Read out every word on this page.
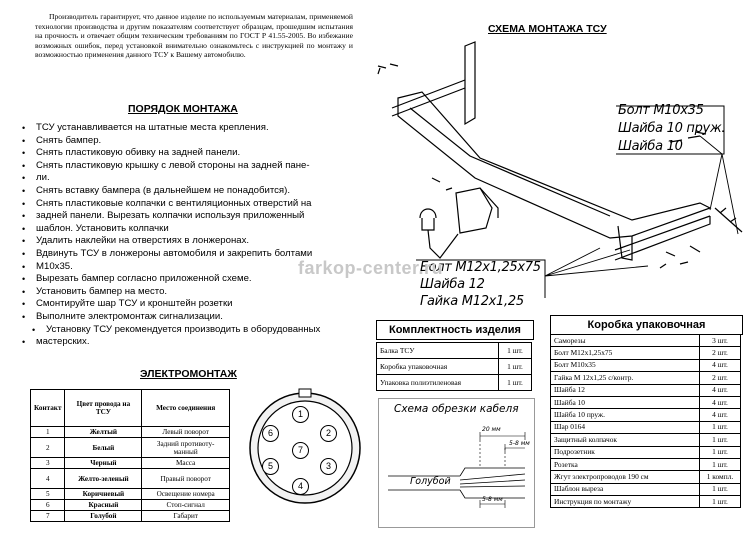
Производитель гарантирует, что данное изделие по используемым материалам, применяемой технологии производства и другим показателям соответствует образцам, прошедшим испытания на прочность и отвечает общим техническим требованиям по ГОСТ Р 41.55-2005. Во избежание возможных ошибок, перед установкой внимательно ознакомьтесь с инструкцией по монтажу и возможностью применения данного ТСУ к Вашему автомобилю.

ПОРЯДОК МОНТАЖА
• ТСУ устанавливается на штатные места крепления.
• Снять бампер.
• Снять пластиковую обивку на задней панели.
• Снять пластиковую крышку с левой стороны на задней пане-
• ли.
• Снять вставку бампера (в дальнейшем не понадобится).
• Снять пластиковые колпачки с вентиляционных отверстий на
• задней панели. Вырезать колпачки используя приложенный
• шаблон. Установить колпачки
• Удалить наклейки на отверстиях в лонжеронах.
• Вдвинуть ТСУ в лонжероны автомобиля и закрепить болтами
• М10х35.
• Вырезать бампер согласно приложенной схеме.
• Установить бампер на место.
• Смонтируйте шар ТСУ и кронштейн розетки
• Выполните электромонтаж сигнализации.
• Установку ТСУ рекомендуется производить в оборудованных
• мастерских.
ЭЛЕКТРОМОНТАЖ
Контакт	Цвет провода на ТСУ	Место соединения
1	Желтый	Левый поворот
2	Белый	Задний противоту-манный
3	Черный	Масса
4	Желто-зеленый	Правый поворот
5	Коричневый	Освещение номера
6	Красный	Стоп-сигнал
7	Голубой	Габарит
1
2
3
4
5
6
7
СХЕМА МОНТАЖА ТСУ
Болт М10х35
Шайба 10 пруж.
Шайба 10
Болт М12х1,25х75
Шайба 12
Гайка М12х1,25
farkop-center.ru
Комплектность изделия
Балка ТСУ	1 шт.
Коробка упаковочная	1 шт.
Упаковка полиэтиленовая	1 шт.
Коробка упаковочная
Саморезы	3 шт.
Болт М12х1,25х75	2 шт.
Болт М10х35	4 шт.
Гайка М 12х1,25 с/контр.	2 шт.
Шайба 12	4 шт.
Шайба 10	4 шт.
Шайба 10 пруж.	4 шт.
Шар 0164	1 шт.
Защитный колпачок	1 шт.
Подрозетник	1 шт.
Розетка	1 шт.
Жгут электропроводов 190 см	1 компл.
Шаблон выреза	1 шт.
Инструкция по монтажу	1 шт.
Схема обрезки кабеля
20 мм
5-8 мм
5-8 мм
Голубой
